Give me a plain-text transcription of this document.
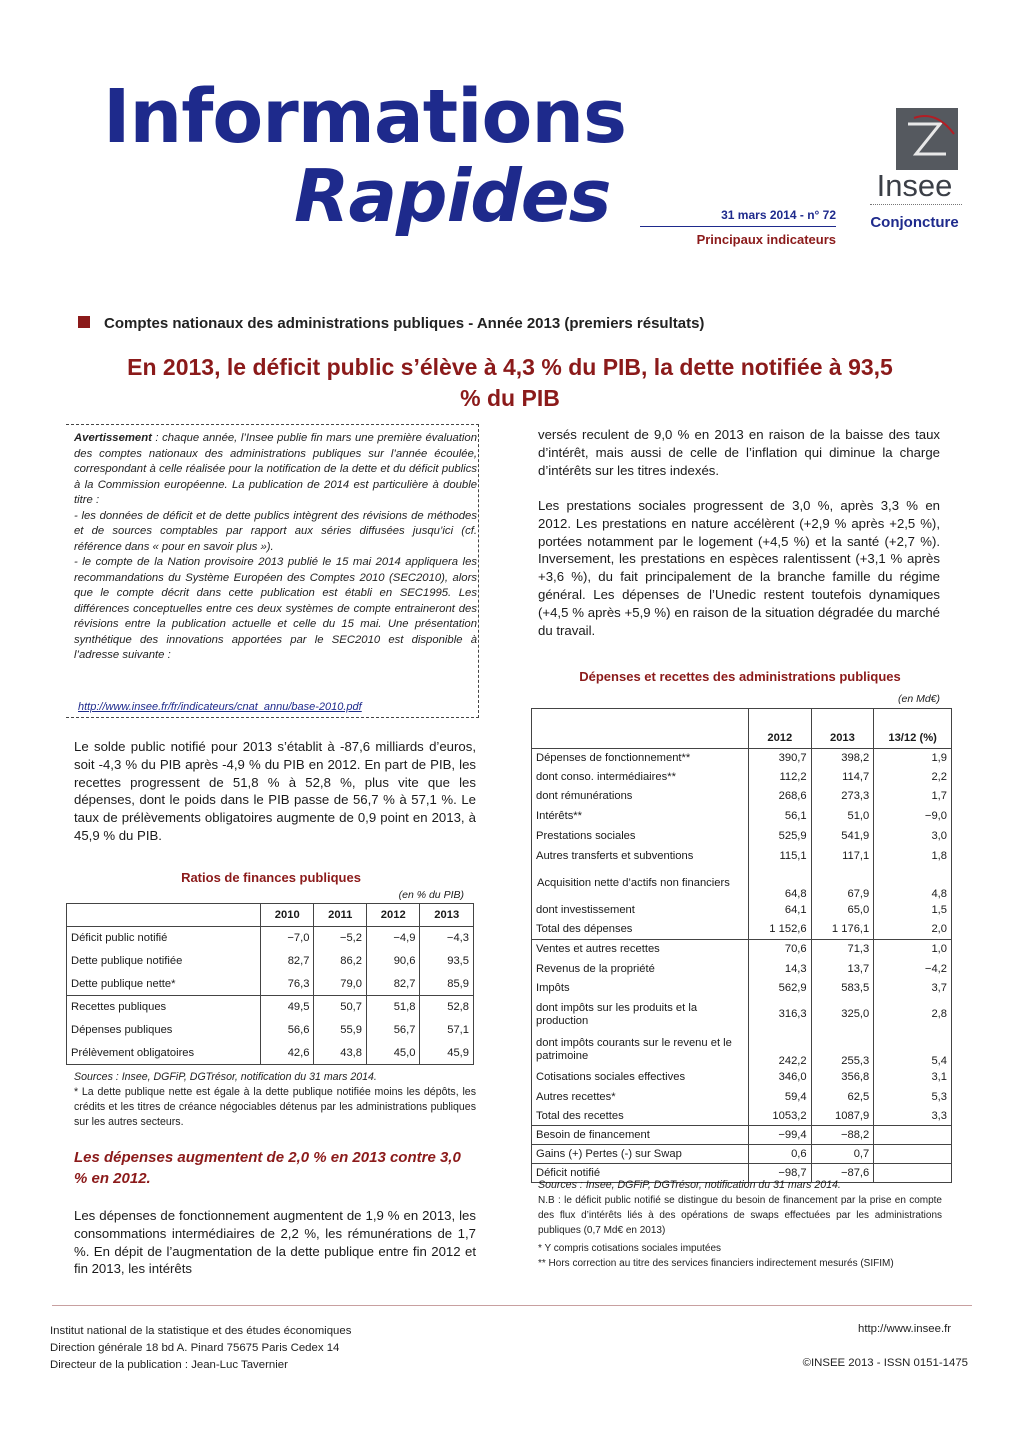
Informations
Rapides	31 mars 2014 - n° 72
Principaux indicateurs
Insee
Conjoncture
Comptes nationaux des administrations publiques - Année 2013 (premiers résultats)
En 2013, le déficit public s’élève à 4,3 % du PIB, la dette notifiée à 93,5 % du PIB
Avertissement : chaque année, l’Insee publie fin mars une première évaluation des comptes nationaux des administrations publiques sur l’année écoulée, correspondant à celle réalisée pour la notification de la dette et du déficit publics à la Commission européenne. La publication de 2014 est particulière à double titre :
- les données de déficit et de dette publics intègrent des révisions de méthodes et de sources comptables par rapport aux séries diffusées jusqu’ici (cf. référence dans « pour en savoir plus »).
- le compte de la Nation provisoire 2013 publié le 15 mai 2014 appliquera les recommandations du Système Européen des Comptes 2010 (SEC2010), alors que le compte décrit dans cette publication est établi en SEC1995. Les différences conceptuelles entre ces deux systèmes de compte entraineront des révisions entre la publication actuelle et celle du 15 mai. Une présentation synthétique des innovations apportées par le SEC2010 est disponible à l’adresse suivante :
http://www.insee.fr/fr/indicateurs/cnat_annu/base-2010.pdf
Le solde public notifié pour 2013 s’établit à -87,6 milliards d’euros, soit -4,3 % du PIB après -4,9 % du PIB en 2012. En part de PIB, les recettes progressent de 51,8 % à 52,8 %, plus vite que les dépenses, dont le poids dans le PIB passe de 56,7 % à 57,1 %. Le taux de prélèvements obligatoires augmente de 0,9 point en 2013, à 45,9 % du PIB.
Ratios de finances publiques
(en % du PIB)
	2010	2011	2012	2013
Déficit public notifié	−7,0	−5,2	−4,9	−4,3
Dette publique notifiée	82,7	86,2	90,6	93,5
Dette publique nette*	76,3	79,0	82,7	85,9
Recettes publiques	49,5	50,7	51,8	52,8
Dépenses publiques	56,6	55,9	56,7	57,1
Prélèvement obligatoires	42,6	43,8	45,0	45,9
Sources : Insee, DGFiP, DGTrésor, notification du 31 mars 2014.
* La dette publique nette est égale à la dette publique notifiée moins les dépôts, les crédits et les titres de créance négociables détenus par les administrations publiques sur les autres secteurs.
Les dépenses augmentent de 2,0 % en 2013 contre 3,0 % en 2012.
Les dépenses de fonctionnement augmentent de 1,9 % en 2013, les consommations intermédiaires de 2,2 %, les rémunérations de 1,7 %. En dépit de l’augmentation de la dette publique entre fin 2012 et fin 2013, les intérêts
versés reculent de 9,0 % en 2013 en raison de la baisse des taux d’intérêt, mais aussi de celle de l’inflation qui diminue la charge d’intérêts sur les titres indexés.
Les prestations sociales progressent de 3,0 %, après 3,3 % en 2012. Les prestations en nature accélèrent (+2,9 % après +2,5 %), portées notamment par le logement (+4,5 %) et la santé (+2,7 %). Inversement, les prestations en espèces ralentissent (+3,1 % après +3,6 %), du fait principalement de la branche famille du régime général. Les dépenses de l’Unedic restent toutefois dynamiques (+4,5 % après +5,9 %) en raison de la situation dégradée du marché du travail.
Dépenses et recettes des administrations publiques
(en Md€)
	2012	2013	13/12 (%)
Dépenses de fonctionnement**	390,7	398,2	1,9
dont conso. intermédiaires**	112,2	114,7	2,2
dont rémunérations	268,6	273,3	1,7
Intérêts**	56,1	51,0	−9,0
Prestations sociales	525,9	541,9	3,0
Autres transferts et subventions	115,1	117,1	1,8
Acquisition nette d’actifs non financiers	64,8	67,9	4,8
dont investissement	64,1	65,0	1,5
Total des dépenses	1 152,6	1 176,1	2,0
Ventes et autres recettes	70,6	71,3	1,0
Revenus de la propriété	14,3	13,7	−4,2
Impôts	562,9	583,5	3,7
dont impôts sur les produits et la production	316,3	325,0	2,8
dont impôts courants sur le revenu et le patrimoine	242,2	255,3	5,4
Cotisations sociales effectives	346,0	356,8	3,1
Autres recettes*	59,4	62,5	5,3
Total des recettes	1053,2	1087,9	3,3
Besoin de financement	−99,4	−88,2	
Gains (+) Pertes (-) sur Swap	0,6	0,7	
Déficit notifié	−98,7	−87,6	
Sources : Insee, DGFiP, DGTrésor, notification du 31 mars 2014.
N.B : le déficit public notifié se distingue du besoin de financement par la prise en compte des flux d’intérêts liés à des opérations de swaps effectuées par les administrations publiques (0,7 Md€ en 2013)
* Y compris cotisations sociales imputées
** Hors correction au titre des services financiers indirectement mesurés (SIFIM)
Institut national de la statistique et des études économiques
Direction générale 18 bd A. Pinard 75675 Paris Cedex 14
Directeur de la publication : Jean-Luc Tavernier
http://www.insee.fr
©INSEE 2013 - ISSN 0151-1475
